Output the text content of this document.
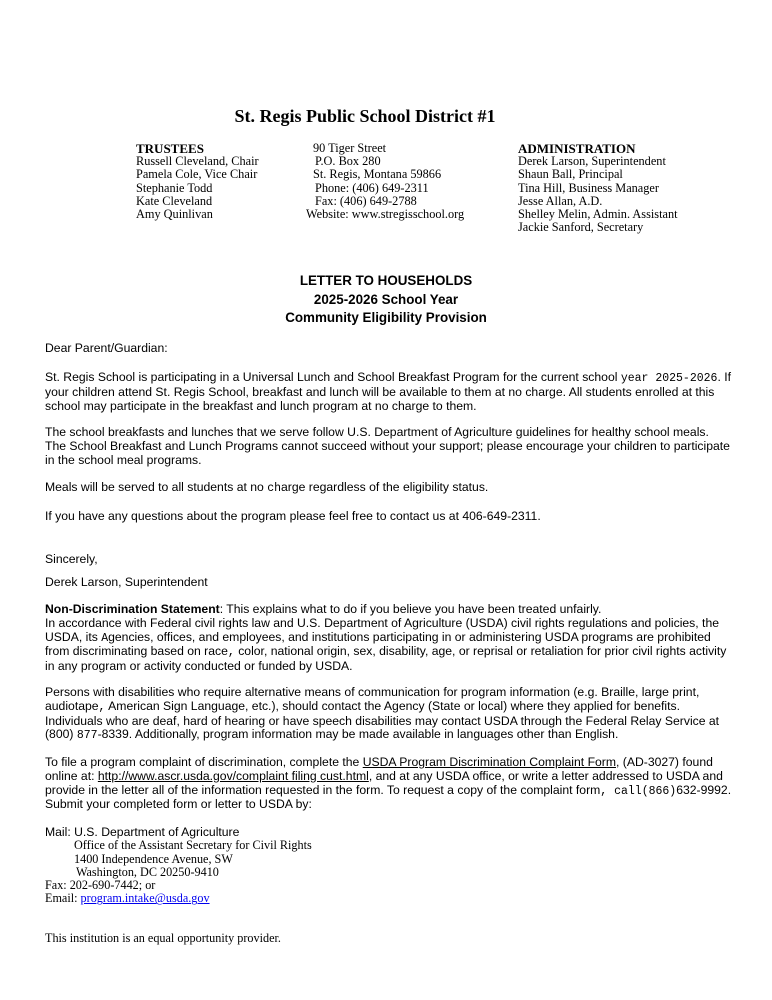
St. Regis Public School District #1
TRUSTEES
Russell Cleveland, Chair
Pamela Cole, Vice Chair
Stephanie Todd
Kate Cleveland
Amy Quinlivan
90 Tiger Street
P.O. Box 280
St. Regis, Montana 59866
Phone: (406) 649-2311
Fax: (406) 649-2788
Website: www.stregisschool.org
ADMINISTRATION
Derek Larson, Superintendent
Shaun Ball, Principal
Tina Hill, Business Manager
Jesse Allan, A.D.
Shelley Melin, Admin. Assistant
Jackie Sanford, Secretary
LETTER TO HOUSEHOLDS
2025-2026 School Year
Community Eligibility Provision
Dear Parent/Guardian:
St. Regis School is participating in a Universal Lunch and School Breakfast Program for the current school year 2025-2026. If your children attend St. Regis School, breakfast and lunch will be available to them at no charge. All students enrolled at this school may participate in the breakfast and lunch program at no charge to them.
The school breakfasts and lunches that we serve follow U.S. Department of Agriculture guidelines for healthy school meals. The School Breakfast and Lunch Programs cannot succeed without your support; please encourage your children to participate in the school meal programs.
Meals will be served to all students at no charge regardless of the eligibility status.
If you have any questions about the program please feel free to contact us at 406-649-2311.
Sincerely,
Derek Larson, Superintendent

Non-Discrimination Statement: This explains what to do if you believe you have been treated unfairly.

In accordance with Federal civil rights law and U.S. Department of Agriculture (USDA) civil rights regulations and policies, the USDA, its Agencies, offices, and employees, and institutions participating in or administering USDA programs are prohibited from discriminating based on race, color, national origin, sex, disability, age, or reprisal or retaliation for prior civil rights activity in any program or activity conducted or funded by USDA.

Persons with disabilities who require alternative means of communication for program information (e.g. Braille, large print, audiotape, American Sign Language, etc.), should contact the Agency (State or local) where they applied for benefits. Individuals who are deaf, hard of hearing or have speech disabilities may contact USDA through the Federal Relay Service at (800) 877-8339. Additionally, program information may be made available in languages other than English.
To file a program complaint of discrimination, complete the USDA Program Discrimination Complaint Form, (AD-3027) found online at: http://www.ascr.usda.gov/complaint filing cust.html, and at any USDA office, or write a letter addressed to USDA and provide in the letter all of the information requested in the form. To request a copy of the complaint form, call(866)632-9992. Submit your completed form or letter to USDA by:
Mail: U.S. Department of Agriculture
Office of the Assistant Secretary for Civil Rights
1400 Independence Avenue, SW
Washington, DC 20250-9410
Fax: 202-690-7442; or
Email: program.intake@usda.gov
This institution is an equal opportunity provider.
